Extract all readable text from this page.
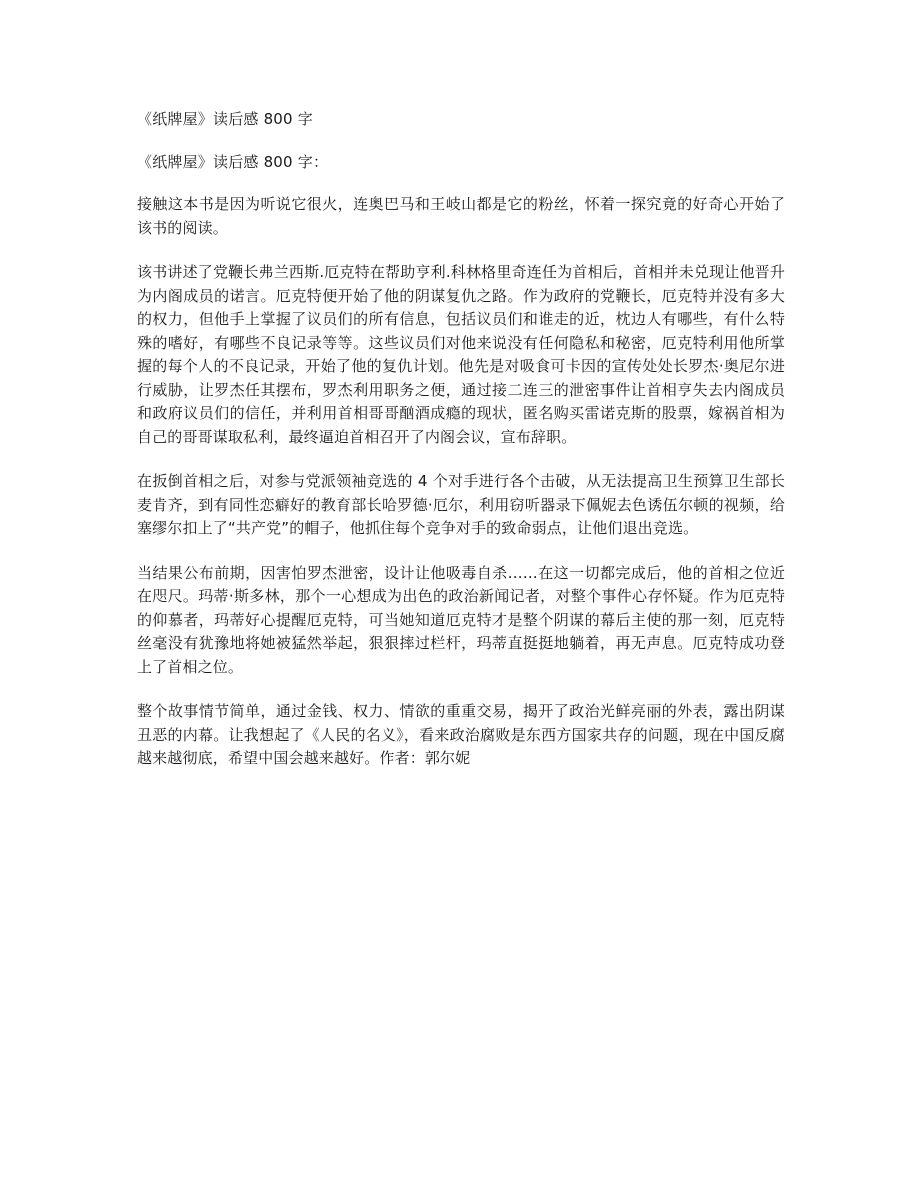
《纸牌屋》读后感 800 字
《纸牌屋》读后感 800 字：

接触这本书是因为听说它很火，连奥巴马和王岐山都是它的粉丝，怀着一探究竟的好奇心开始了该书的阅读。

该书讲述了党鞭长弗兰西斯.厄克特在帮助亨利.科林格里奇连任为首相后，首相并未兑现让他晋升为内阁成员的诺言。厄克特便开始了他的阴谋复仇之路。作为政府的党鞭长，厄克特并没有多大的权力，但他手上掌握了议员们的所有信息，包括议员们和谁走的近，枕边人有哪些，有什么特殊的嗜好，有哪些不良记录等等。这些议员们对他来说没有任何隐私和秘密，厄克特利用他所掌握的每个人的不良记录，开始了他的复仇计划。他先是对吸食可卡因的宣传处处长罗杰·奥尼尔进行威胁，让罗杰任其摆布，罗杰利用职务之便，通过接二连三的泄密事件让首相亨失去内阁成员和政府议员们的信任，并利用首相哥哥酗酒成瘾的现状，匿名购买雷诺克斯的股票，嫁祸首相为自己的哥哥谋取私利，最终逼迫首相召开了内阁会议，宣布辞职。

在扳倒首相之后，对参与党派领袖竞选的 4 个对手进行各个击破，从无法提高卫生预算卫生部长麦肯齐，到有同性恋癖好的教育部长哈罗德·厄尔，利用窃听器录下佩妮去色诱伍尔顿的视频，给塞缪尔扣上了“共产党”的帽子，他抓住每个竞争对手的致命弱点，让他们退出竞选。

当结果公布前期，因害怕罗杰泄密，设计让他吸毒自杀……在这一切都完成后，他的首相之位近在咫尺。玛蒂·斯多林，那个一心想成为出色的政治新闻记者，对整个事件心存怀疑。作为厄克特的仰慕者，玛蒂好心提醒厄克特，可当她知道厄克特才是整个阴谋的幕后主使的那一刻，厄克特丝毫没有犹豫地将她被猛然举起，狠狠摔过栏杆，玛蒂直挺挺地躺着，再无声息。厄克特成功登上了首相之位。

整个故事情节简单，通过金钱、权力、情欲的重重交易，揭开了政治光鲜亮丽的外表，露出阴谋丑恶的内幕。让我想起了《人民的名义》，看来政治腐败是东西方国家共存的问题，现在中国反腐越来越彻底，希望中国会越来越好。作者：郭尔妮
